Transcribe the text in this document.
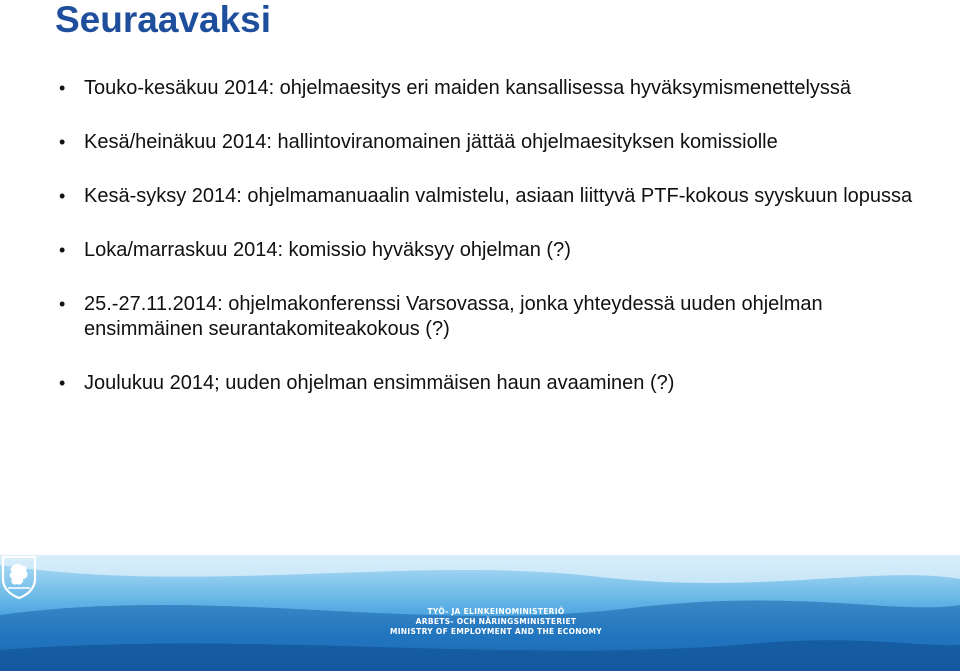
Seuraavaksi
• Touko-kesäkuu 2014: ohjelmaesitys eri maiden kansallisessa hyväksymismenettelyssä
• Kesä/heinäkuu 2014: hallintoviranomainen jättää ohjelmaesityksen komissiolle
• Kesä-syksy 2014: ohjelmamanuaalin valmistelu, asiaan liittyvä PTF-kokous syyskuun lopussa
• Loka/marraskuu 2014: komissio hyväksyy ohjelman (?)
• 25.-27.11.2014: ohjelmakonferenssi Varsovassa, jonka yhteydessä uuden ohjelman ensimmäinen seurantakomiteakokous (?)
• Joulukuu 2014; uuden ohjelman ensimmäisen haun avaaminen (?)
TYÖ- JA ELINKEINOMINISTERIÖ
ARBETS- OCH NÄRINGSMINISTERIET
MINISTRY OF EMPLOYMENT AND THE ECONOMY
